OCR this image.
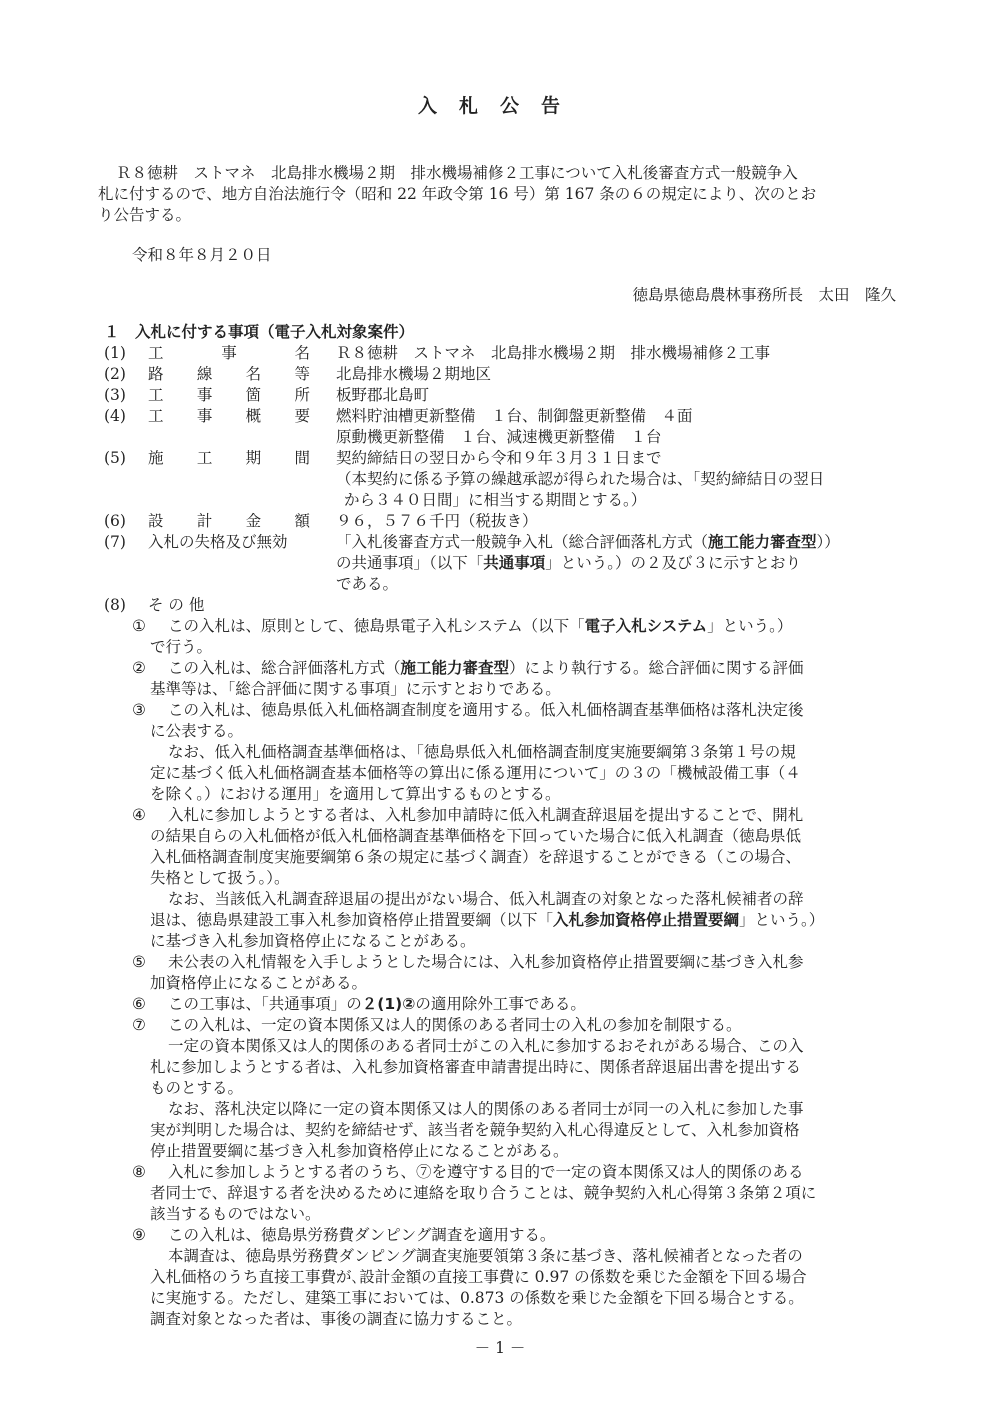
入札公告
Ｒ８徳耕　ストマネ　北島排水機場２期　排水機場補修２工事について入札後審査方式一般競争入
札に付するので、地方自治法施行令（昭和 22 年政令第 16 号）第 167 条の６の規定により、次のとお
り公告する。
令和８年８月２０日
徳島県徳島農林事務所長　太田　隆久
１　入札に付する事項（電子入札対象案件）
(1) 工	事	名 Ｒ８徳耕　ストマネ　北島排水機場２期　排水機場補修２工事
(2) 路 線 名 等 北島排水機場２期地区
(3) 工 事 箇 所 板野郡北島町
(4) 工 事 概 要 燃料貯油槽更新整備　１台、制御盤更新整備　４面
原動機更新整備　１台、減速機更新整備　１台
(5) 施 工 期 間 契約締結日の翌日から令和９年３月３１日まで
（本契約に係る予算の繰越承認が得られた場合は、「契約締結日の翌日
から３４０日間」に相当する期間とする。）
(6) 設 計 金 額 ９６，５７６千円（税抜き）
(7) 入札の失格及び無効	「入札後審査方式一般競争入札（総合評価落札方式（施工能力審査型））
の共通事項」（以下「共通事項」という。）の２及び３に示すとおり
である。
(8) そ の 他
① この入札は、原則として、徳島県電子入札システム（以下「電子入札システム」という。）
で行う。
② この入札は、総合評価落札方式（施工能力審査型）により執行する。総合評価に関する評価
基準等は、「総合評価に関する事項」に示すとおりである。
③ この入札は、徳島県低入札価格調査制度を適用する。低入札価格調査基準価格は落札決定後
に公表する。
なお、低入札価格調査基準価格は、「徳島県低入札価格調査制度実施要綱第３条第１号の規
定に基づく低入札価格調査基本価格等の算出に係る運用について」の３の「機械設備工事（４
を除く。）における運用」を適用して算出するものとする。
④ 入札に参加しようとする者は、入札参加申請時に低入札調査辞退届を提出することで、開札
の結果自らの入札価格が低入札価格調査基準価格を下回っていた場合に低入札調査（徳島県低
入札価格調査制度実施要綱第６条の規定に基づく調査）を辞退することができる（この場合、
失格として扱う。）。
なお、当該低入札調査辞退届の提出がない場合、低入札調査の対象となった落札候補者の辞
退は、徳島県建設工事入札参加資格停止措置要綱（以下「入札参加資格停止措置要綱」という。）
に基づき入札参加資格停止になることがある。
⑤ 未公表の入札情報を入手しようとした場合には、入札参加資格停止措置要綱に基づき入札参
加資格停止になることがある。
⑥ この工事は、「共通事項」の２(1)②の適用除外工事である。
⑦ この入札は、一定の資本関係又は人的関係のある者同士の入札の参加を制限する。
一定の資本関係又は人的関係のある者同士がこの入札に参加するおそれがある場合、この入
札に参加しようとする者は、入札参加資格審査申請書提出時に、関係者辞退届出書を提出する
ものとする。
なお、落札決定以降に一定の資本関係又は人的関係のある者同士が同一の入札に参加した事
実が判明した場合は、契約を締結せず、該当者を競争契約入札心得違反として、入札参加資格
停止措置要綱に基づき入札参加資格停止になることがある。
⑧ 入札に参加しようとする者のうち、⑦を遵守する目的で一定の資本関係又は人的関係のある
者同士で、辞退する者を決めるために連絡を取り合うことは、競争契約入札心得第３条第２項に
該当するものではない。
⑨ この入札は、徳島県労務費ダンピング調査を適用する。
本調査は、徳島県労務費ダンピング調査実施要領第３条に基づき、落札候補者となった者の
入札価格のうち直接工事費が､設計金額の直接工事費に 0.97 の係数を乗じた金額を下回る場合
－ 1 －
に実施する。ただし、建築工事においては、0.873 の係数を乗じた金額を下回る場合とする。
調査対象となった者は、事後の調査に協力すること。
